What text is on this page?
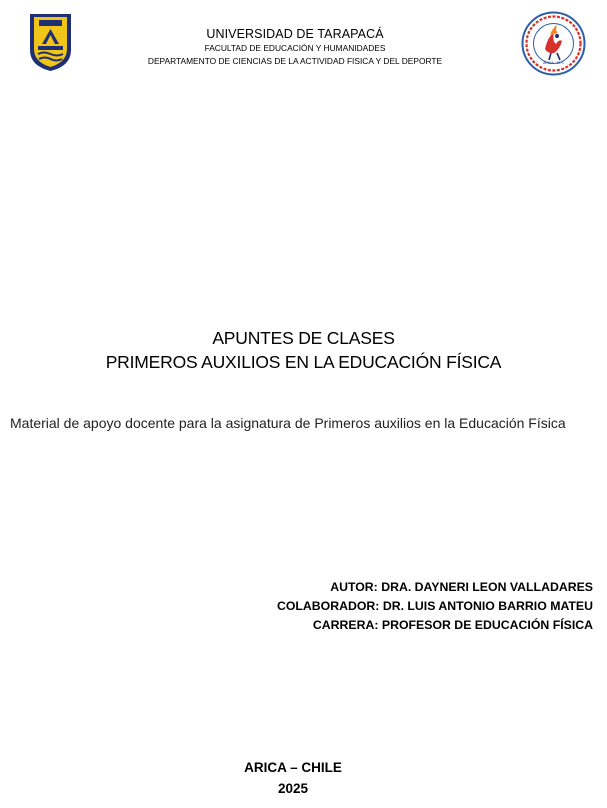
UNIVERSIDAD DE TARAPACÁ
FACULTAD DE EDUCACIÓN Y HUMANIDADES
DEPARTAMENTO DE CIENCIAS DE LA ACTIVIDAD FISICA Y DEL DEPORTE	ARICA - 1971
APUNTES DE CLASES
PRIMEROS AUXILIOS EN LA EDUCACIÓN FÍSICA
Material de apoyo docente para la asignatura de Primeros auxilios en la Educación Física
AUTOR: DRA. DAYNERI LEON VALLADARES
COLABORADOR: DR. LUIS ANTONIO BARRIO MATEU
CARRERA: PROFESOR DE EDUCACIÓN FÍSICA
ARICA – CHILE
2025
